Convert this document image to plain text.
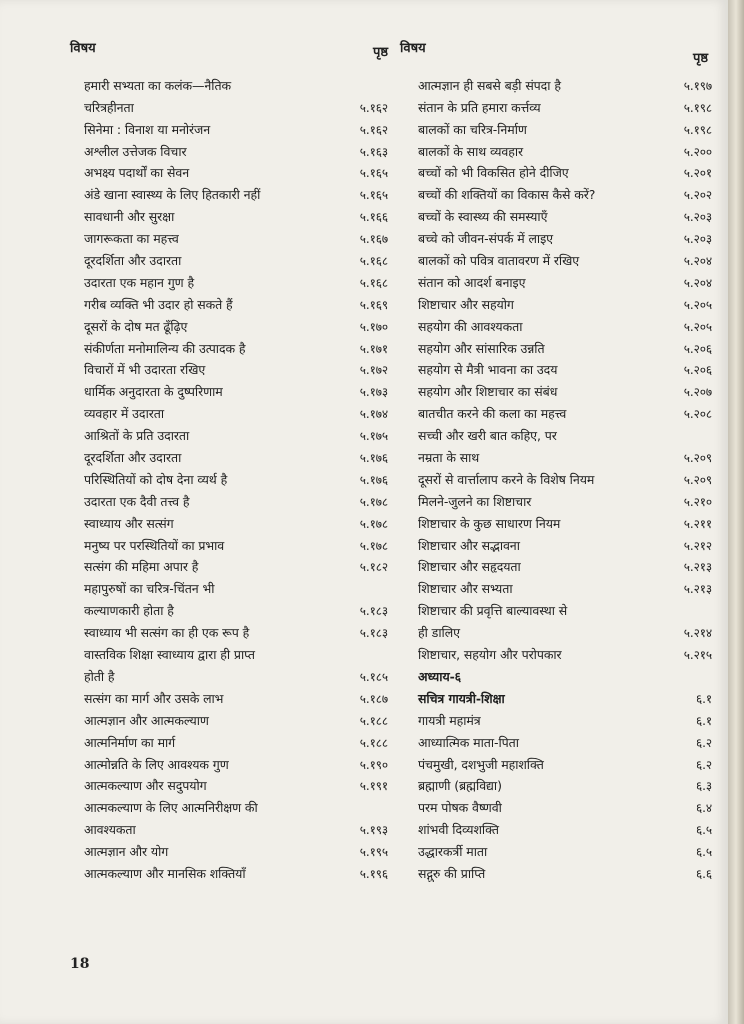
विषय	पृष्ठ
हमारी सभ्यता का कलंक—नैतिक
चरित्रहीनता	५.१६२
सिनेमा : विनाश या मनोरंजन	५.१६२
अश्लील उत्तेजक विचार	५.१६३
अभक्ष्य पदार्थों का सेवन	५.१६५
अंडे खाना स्वास्थ्य के लिए हितकारी नहीं	५.१६५
सावधानी और सुरक्षा	५.१६६
जागरूकता का महत्त्व	५.१६७
दूरदर्शिता और उदारता	५.१६८
उदारता एक महान गुण है	५.१६८
गरीब व्यक्ति भी उदार हो सकते हैं	५.१६९
दूसरों के दोष मत ढूँढ़िए	५.१७०
संकीर्णता मनोमालिन्य की उत्पादक है	५.१७१
विचारों में भी उदारता रखिए	५.१७२
धार्मिक अनुदारता के दुष्परिणाम	५.१७३
व्यवहार में उदारता	५.१७४
आश्रितों के प्रति उदारता	५.१७५
दूरदर्शिता और उदारता	५.१७६
परिस्थितियों को दोष देना व्यर्थ है	५.१७६
उदारता एक दैवी तत्त्व है	५.१७८
स्वाध्याय और सत्संग	५.१७८
मनुष्य पर परस्थितियों का प्रभाव	५.१७८
सत्संग की महिमा अपार है	५.१८२
महापुरुषों का चरित्र-चिंतन भी
कल्याणकारी होता है	५.१८३
स्वाध्याय भी सत्संग का ही एक रूप है	५.१८३
वास्तविक शिक्षा स्वाध्याय द्वारा ही प्राप्त
होती है	५.१८५
सत्संग का मार्ग और उसके लाभ	५.१८७
आत्मज्ञान और आत्मकल्याण	५.१८८
आत्मनिर्माण का मार्ग	५.१८८
आत्मोन्नति के लिए आवश्यक गुण	५.१९०
आत्मकल्याण और सदुपयोग	५.१९१
आत्मकल्याण के लिए आत्मनिरीक्षण की
आवश्यकता	५.१९३
आत्मज्ञान और योग	५.१९५
आत्मकल्याण और मानसिक शक्तियाँ	५.१९६
विषय
पृष्ठ
आत्मज्ञान ही सबसे बड़ी संपदा है	५.१९७
संतान के प्रति हमारा कर्त्तव्य	५.१९८
बालकों का चरित्र-निर्माण	५.१९८
बालकों के साथ व्यवहार	५.२००
बच्चों को भी विकसित होने दीजिए	५.२०१
बच्चों की शक्तियों का विकास कैसे करें?	५.२०२
बच्चों के स्वास्थ्य की समस्याएँ	५.२०३
बच्चे को जीवन-संपर्क में लाइए	५.२०३
बालकों को पवित्र वातावरण में रखिए	५.२०४
संतान को आदर्श बनाइए	५.२०४
शिष्टाचार और सहयोग	५.२०५
सहयोग की आवश्यकता	५.२०५
सहयोग और सांसारिक उन्नति	५.२०६
सहयोग से मैत्री भावना का उदय	५.२०६
सहयोग और शिष्टाचार का संबंध	५.२०७
बातचीत करने की कला का महत्त्व	५.२०८
सच्ची और खरी बात कहिए, पर
नम्रता के साथ	५.२०९
दूसरों से वार्त्तालाप करने के विशेष नियम	५.२०९
मिलने-जुलने का शिष्टाचार	५.२१०
शिष्टाचार के कुछ साधारण नियम	५.२११
शिष्टाचार और सद्भावना	५.२१२
शिष्टाचार और सहृदयता	५.२१३
शिष्टाचार और सभ्यता	५.२१३
शिष्टाचार की प्रवृत्ति बाल्यावस्था से
ही डालिए	५.२१४
शिष्टाचार, सहयोग और परोपकार	५.२१५
अध्याय-६
सचित्र गायत्री-शिक्षा	६.१
गायत्री महामंत्र	६.१
आध्यात्मिक माता-पिता	६.२
पंचमुखी, दशभुजी महाशक्ति	६.२
ब्रह्माणी (ब्रह्मविद्या)	६.३
परम पोषक वैष्णवी	६.४
शांभवी दिव्यशक्ति	६.५
उद्धारकर्त्री माता	६.५
सद्गुरु की प्राप्ति	६.६
18
